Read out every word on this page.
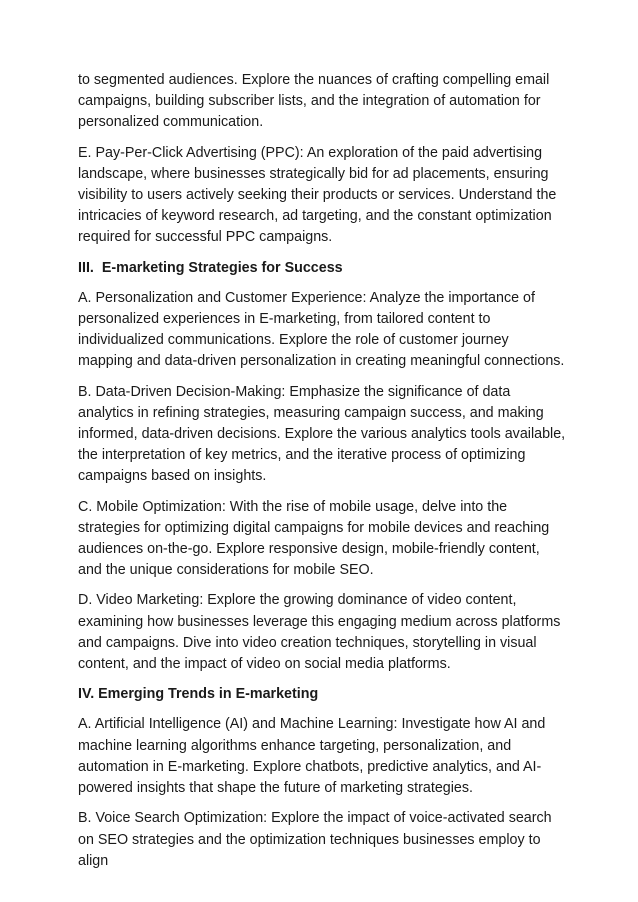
to segmented audiences. Explore the nuances of crafting compelling email campaigns, building subscriber lists, and the integration of automation for personalized communication.

E. Pay-Per-Click Advertising (PPC): An exploration of the paid advertising landscape, where businesses strategically bid for ad placements, ensuring visibility to users actively seeking their products or services. Understand the intricacies of keyword research, ad targeting, and the constant optimization required for successful PPC campaigns.

III.  E-marketing Strategies for Success

A. Personalization and Customer Experience: Analyze the importance of personalized experiences in E-marketing, from tailored content to individualized communications. Explore the role of customer journey mapping and data-driven personalization in creating meaningful connections.

B. Data-Driven Decision-Making: Emphasize the significance of data analytics in refining strategies, measuring campaign success, and making informed, data-driven decisions. Explore the various analytics tools available, the interpretation of key metrics, and the iterative process of optimizing campaigns based on insights.

C. Mobile Optimization: With the rise of mobile usage, delve into the strategies for optimizing digital campaigns for mobile devices and reaching audiences on-the-go. Explore responsive design, mobile-friendly content, and the unique considerations for mobile SEO.

D. Video Marketing: Explore the growing dominance of video content, examining how businesses leverage this engaging medium across platforms and campaigns. Dive into video creation techniques, storytelling in visual content, and the impact of video on social media platforms.

IV. Emerging Trends in E-marketing

A. Artificial Intelligence (AI) and Machine Learning: Investigate how AI and machine learning algorithms enhance targeting, personalization, and automation in E-marketing. Explore chatbots, predictive analytics, and AI-powered insights that shape the future of marketing strategies.

B. Voice Search Optimization: Explore the impact of voice-activated search on SEO strategies and the optimization techniques businesses employ to align
